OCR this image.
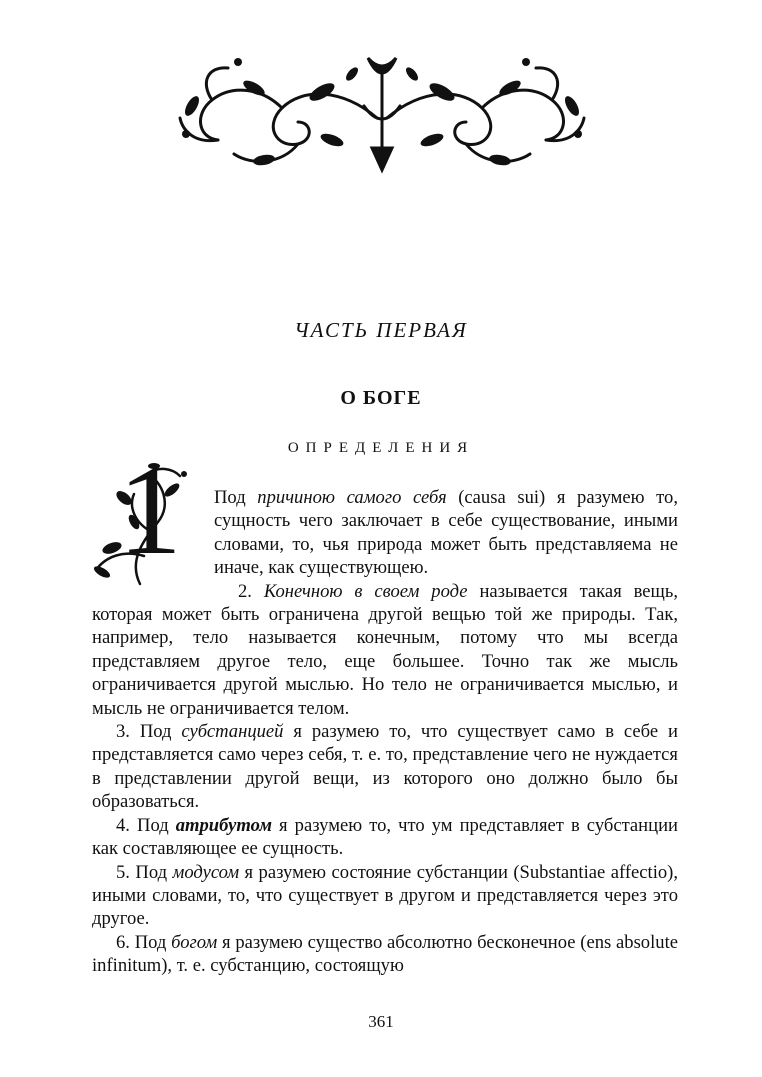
ЧАСТЬ ПЕРВАЯ
О БОГЕ
ОПРЕДЕЛЕНИЯ
1	Под причиною самого себя (causa sui) я разумею то, сущность чего заключает в себе существование, иными словами, то, чья природа может быть представляема не иначе, как существующею.

2. Конечною в своем роде называется такая вещь, которая может быть ограничена другой вещью той же природы. Так, например, тело называется конечным, потому что мы всегда представляем другое тело, еще большее. Точно так же мысль ограничивается другой мыслью. Но тело не ограничивается мыслью, и мысль не ограничивается телом.

3. Под субстанцией я разумею то, что существует само в себе и представляется само через себя, т. е. то, представление чего не нуждается в представлении другой вещи, из которого оно должно было бы образоваться.

4. Под атрибутом я разумею то, что ум представляет в субстанции как составляющее ее сущность.

5. Под модусом я разумею состояние субстанции (Substantiae affectio), иными словами, то, что существует в другом и представляется через это другое.

6. Под богом я разумею существо абсолютно бесконечное (ens absolute infinitum), т. е. субстанцию, состоящую

361
